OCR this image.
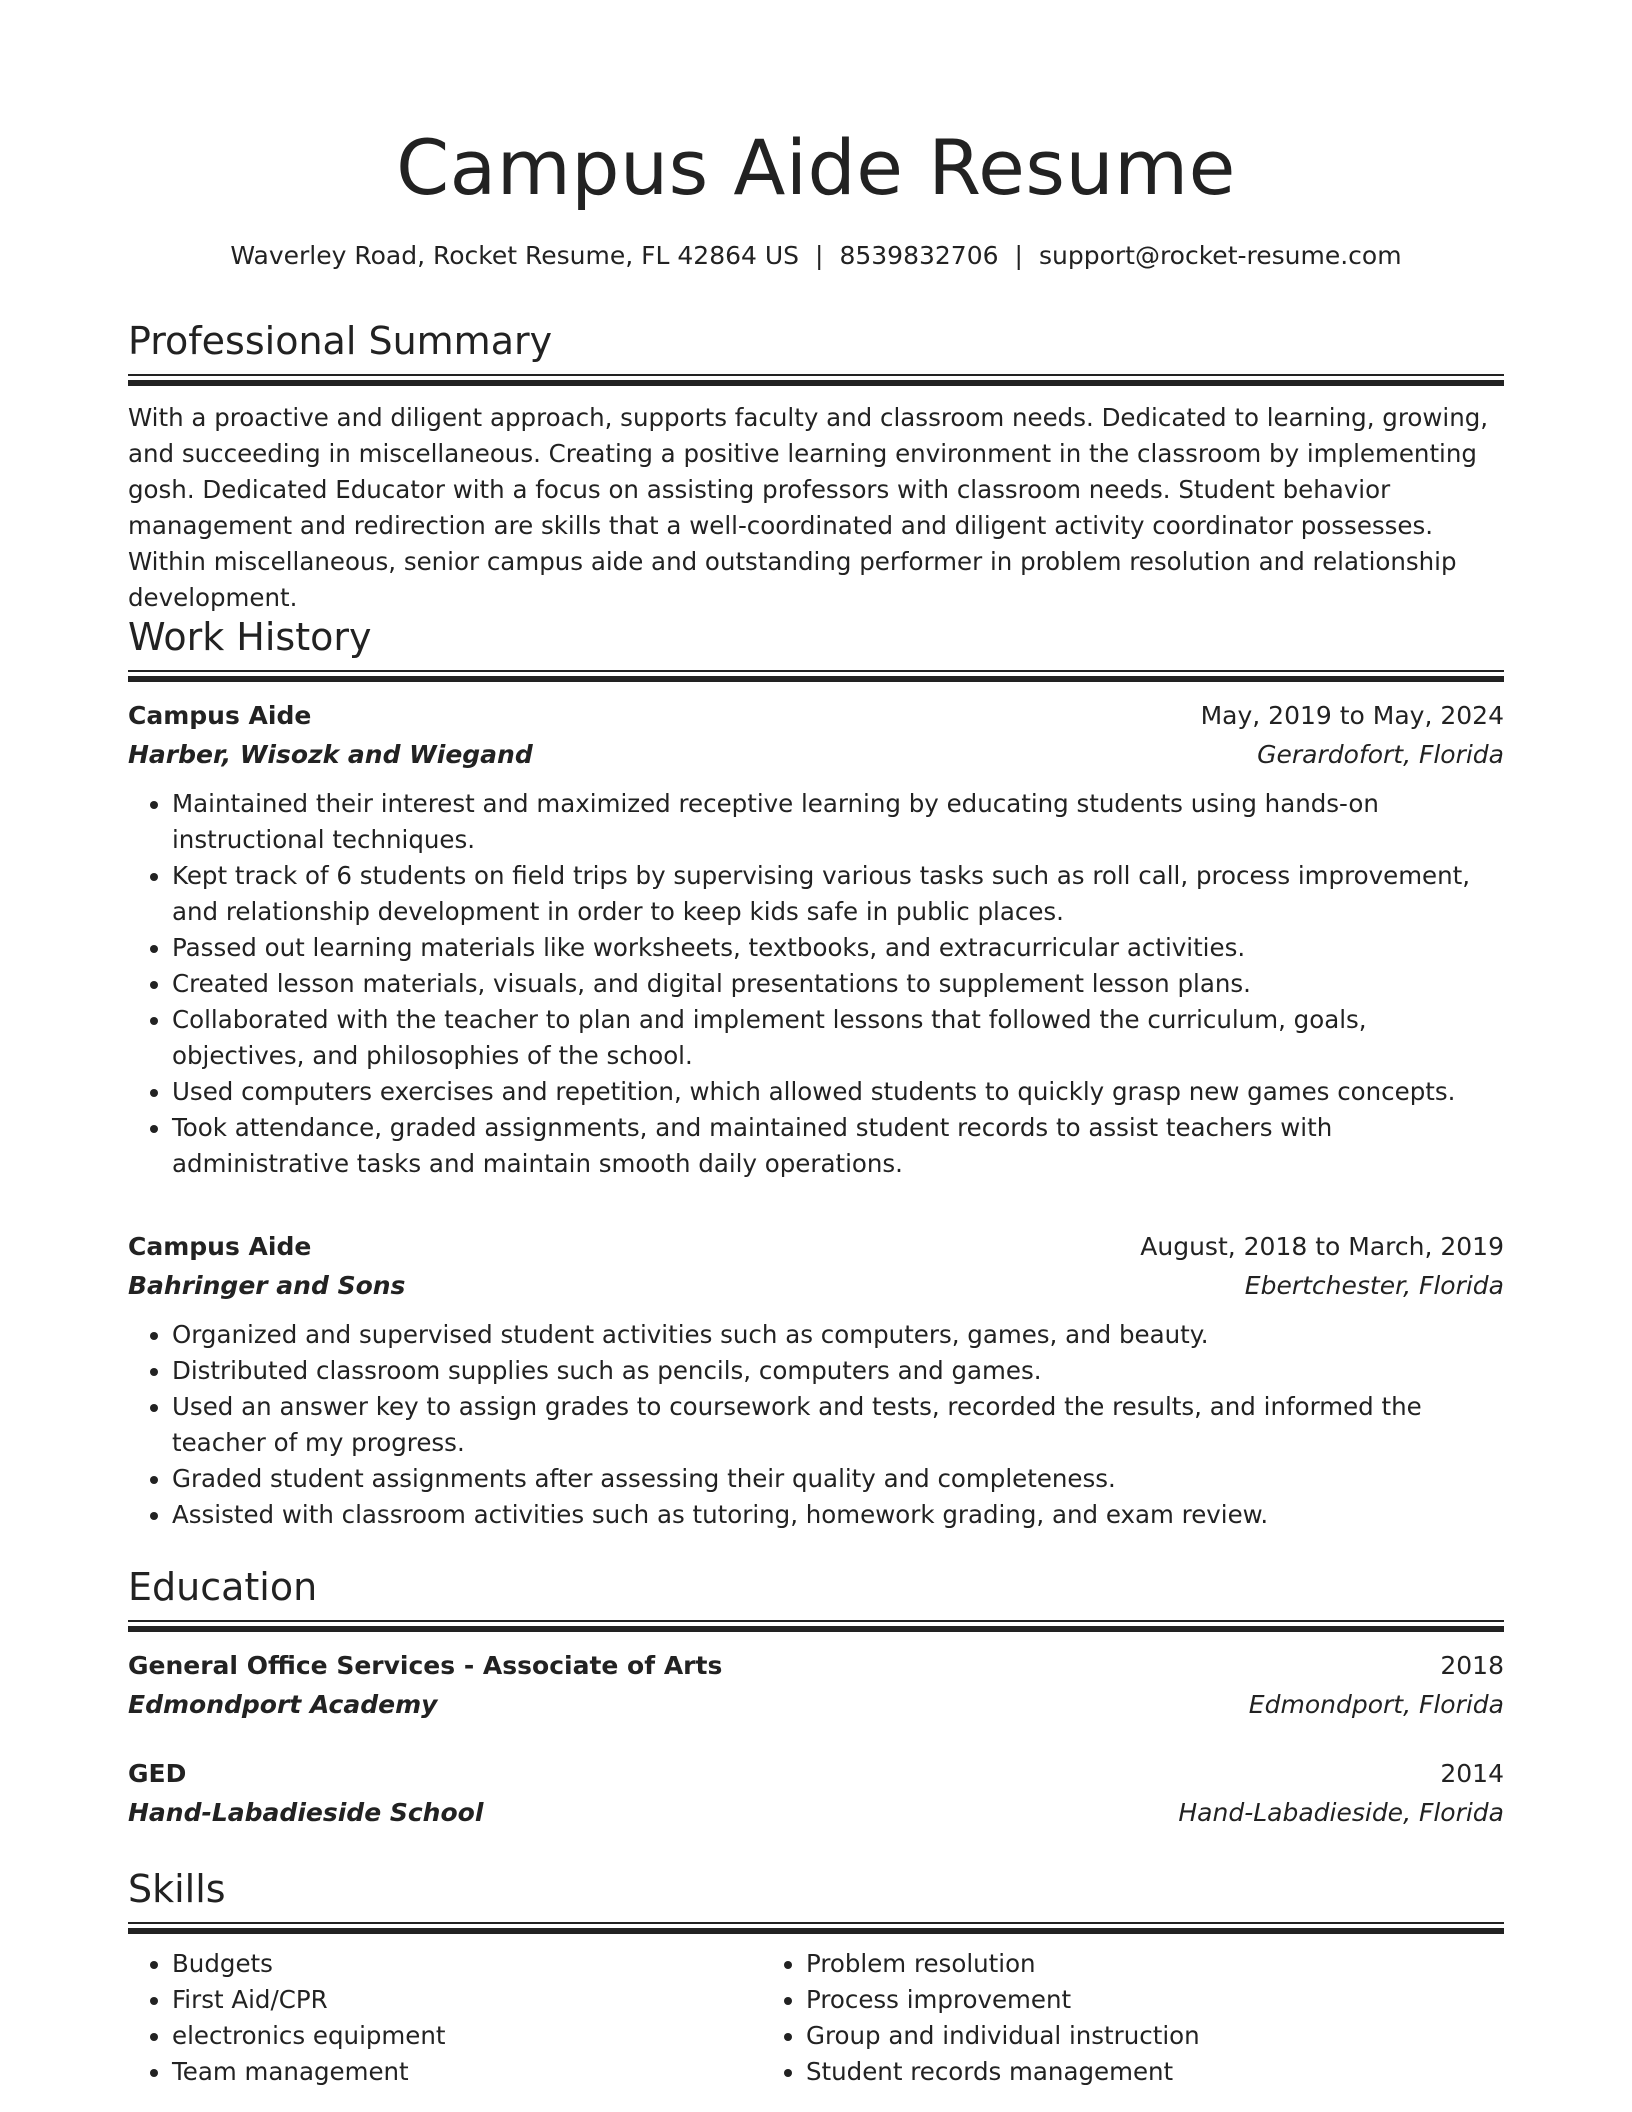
Campus Aide Resume
Waverley Road, Rocket Resume, FL 42864 US | 8539832706 | support@rocket-resume.com
Professional Summary
With a proactive and diligent approach, supports faculty and classroom needs. Dedicated to learning, growing, and succeeding in miscellaneous. Creating a positive learning environment in the classroom by implementing gosh. Dedicated Educator with a focus on assisting professors with classroom needs. Student behavior management and redirection are skills that a well-coordinated and diligent activity coordinator possesses. Within miscellaneous, senior campus aide and outstanding performer in problem resolution and relationship development.
Work History
Campus Aide	May, 2019 to May, 2024
Harber, Wisozk and Wiegand	Gerardofort, Florida
• Maintained their interest and maximized receptive learning by educating students using hands-on instructional techniques.
• Kept track of 6 students on field trips by supervising various tasks such as roll call, process improvement, and relationship development in order to keep kids safe in public places.
• Passed out learning materials like worksheets, textbooks, and extracurricular activities.
• Created lesson materials, visuals, and digital presentations to supplement lesson plans.
• Collaborated with the teacher to plan and implement lessons that followed the curriculum, goals, objectives, and philosophies of the school.
• Used computers exercises and repetition, which allowed students to quickly grasp new games concepts.
• Took attendance, graded assignments, and maintained student records to assist teachers with administrative tasks and maintain smooth daily operations.
Campus Aide	August, 2018 to March, 2019
Bahringer and Sons	Ebertchester, Florida
• Organized and supervised student activities such as computers, games, and beauty.
• Distributed classroom supplies such as pencils, computers and games.
• Used an answer key to assign grades to coursework and tests, recorded the results, and informed the teacher of my progress.
• Graded student assignments after assessing their quality and completeness.
• Assisted with classroom activities such as tutoring, homework grading, and exam review.
Education
General Office Services - Associate of Arts	2018
Edmondport Academy	Edmondport, Florida
GED	2014
Hand-Labadieside School	Hand-Labadieside, Florida
Skills
• Budgets
• First Aid/CPR
• electronics equipment
• Team management
• Problem resolution
• Process improvement
• Group and individual instruction
• Student records management
